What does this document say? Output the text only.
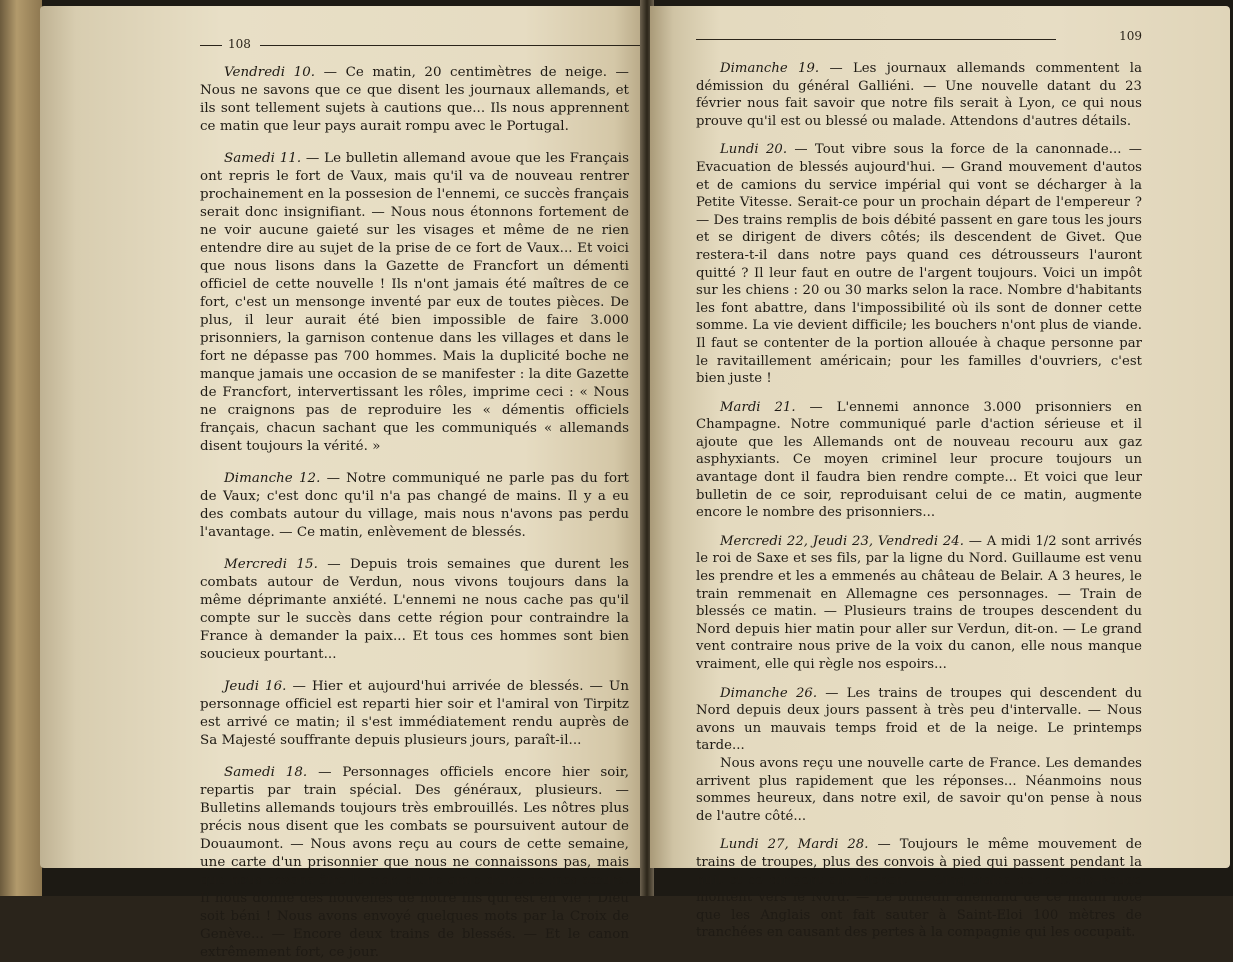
108

Vendredi 10. — Ce matin, 20 centimètres de neige. — Nous ne savons que ce que disent les journaux allemands, et ils sont tellement sujets à cautions que... Ils nous apprennent ce matin que leur pays aurait rompu avec le Portugal.

Samedi 11. — Le bulletin allemand avoue que les Français ont repris le fort de Vaux, mais qu'il va de nouveau rentrer prochainement en la possesion de l'ennemi, ce succès français serait donc insignifiant. — Nous nous étonnons fortement de ne voir aucune gaieté sur les visages et même de ne rien entendre dire au sujet de la prise de ce fort de Vaux... Et voici que nous lisons dans la Gazette de Francfort un démenti officiel de cette nouvelle ! Ils n'ont jamais été maîtres de ce fort, c'est un mensonge inventé par eux de toutes pièces. De plus, il leur aurait été bien impossible de faire 3.000 prisonniers, la garnison contenue dans les villages et dans le fort ne dépasse pas 700 hommes. Mais la duplicité boche ne manque jamais une occasion de se manifester : la dite Gazette de Francfort, intervertissant les rôles, imprime ceci : « Nous ne craignons pas de reproduire les « démentis officiels français, chacun sachant que les communiqués « allemands disent toujours la vérité. »

Dimanche 12. — Notre communiqué ne parle pas du fort de Vaux; c'est donc qu'il n'a pas changé de mains. Il y a eu des combats autour du village, mais nous n'avons pas perdu l'avantage. — Ce matin, enlèvement de blessés.

Mercredi 15. — Depuis trois semaines que durent les combats autour de Verdun, nous vivons toujours dans la même déprimante anxiété. L'ennemi ne nous cache pas qu'il compte sur le succès dans cette région pour contraindre la France à demander la paix... Et tous ces hommes sont bien soucieux pourtant...

Jeudi 16. — Hier et aujourd'hui arrivée de blessés. — Un personnage officiel est reparti hier soir et l'amiral von Tirpitz est arrivé ce matin; il s'est immédiatement rendu auprès de Sa Majesté souffrante depuis plusieurs jours, paraît-il...

Samedi 18. — Personnages officiels encore hier soir, repartis par train spécial. Des généraux, plusieurs. — Bulletins allemands toujours très embrouillés. Les nôtres plus précis nous disent que les combats se poursuivent autour de Douaumont. — Nous avons reçu au cours de cette semaine, une carte d'un prisonnier que nous ne connaissons pas, mais que nous savons être le mari d'une amie d'une de mes sœurs. Il nous donne des nouvelles de notre fils qui est en vie ! Dieu soit béni ! Nous avons envoyé quelques mots par la Croix de Genève... — Encore deux trains de blessés. — Et le canon extrêmement fort, ce jour.

109

Dimanche 19. — Les journaux allemands commentent la démission du général Galliéni. — Une nouvelle datant du 23 février nous fait savoir que notre fils serait à Lyon, ce qui nous prouve qu'il est ou blessé ou malade. Attendons d'autres détails.

Lundi 20. — Tout vibre sous la force de la canonnade... — Evacuation de blessés aujourd'hui. — Grand mouvement d'autos et de camions du service impérial qui vont se décharger à la Petite Vitesse. Serait-ce pour un prochain départ de l'empereur ? — Des trains remplis de bois débité passent en gare tous les jours et se dirigent de divers côtés; ils descendent de Givet. Que restera-t-il dans notre pays quand ces détrousseurs l'auront quitté ? Il leur faut en outre de l'argent toujours. Voici un impôt sur les chiens : 20 ou 30 marks selon la race. Nombre d'habitants les font abattre, dans l'impossibilité où ils sont de donner cette somme. La vie devient difficile; les bouchers n'ont plus de viande. Il faut se contenter de la portion allouée à chaque personne par le ravitaillement américain; pour les familles d'ouvriers, c'est bien juste !

Mardi 21. — L'ennemi annonce 3.000 prisonniers en Champagne. Notre communiqué parle d'action sérieuse et il ajoute que les Allemands ont de nouveau recouru aux gaz asphyxiants. Ce moyen criminel leur procure toujours un avantage dont il faudra bien rendre compte... Et voici que leur bulletin de ce soir, reproduisant celui de ce matin, augmente encore le nombre des prisonniers...

Mercredi 22, Jeudi 23, Vendredi 24. — A midi 1/2 sont arrivés le roi de Saxe et ses fils, par la ligne du Nord. Guillaume est venu les prendre et les a emmenés au château de Belair. A 3 heures, le train remmenait en Allemagne ces personnages. — Train de blessés ce matin. — Plusieurs trains de troupes descendent du Nord depuis hier matin pour aller sur Verdun, dit-on. — Le grand vent contraire nous prive de la voix du canon, elle nous manque vraiment, elle qui règle nos espoirs...

Dimanche 26. — Les trains de troupes qui descendent du Nord depuis deux jours passent à très peu d'intervalle. — Nous avons un mauvais temps froid et de la neige. Le printemps tarde...

Nous avons reçu une nouvelle carte de France. Les demandes arrivent plus rapidement que les réponses... Néanmoins nous sommes heureux, dans notre exil, de savoir qu'on pense à nous de l'autre côté...

Lundi 27, Mardi 28. — Toujours le même mouvement de trains de troupes, plus des convois à pied qui passent pendant la nuit et se dirigent sur Mohon. — Cinq trains de la Croix-Rouge montent vers le Nord. — Le bulletin allemand de ce matin note que les Anglais ont fait sauter à Saint-Eloi 100 mètres de tranchées en causant des pertes à la compagnie qui les occupait.
